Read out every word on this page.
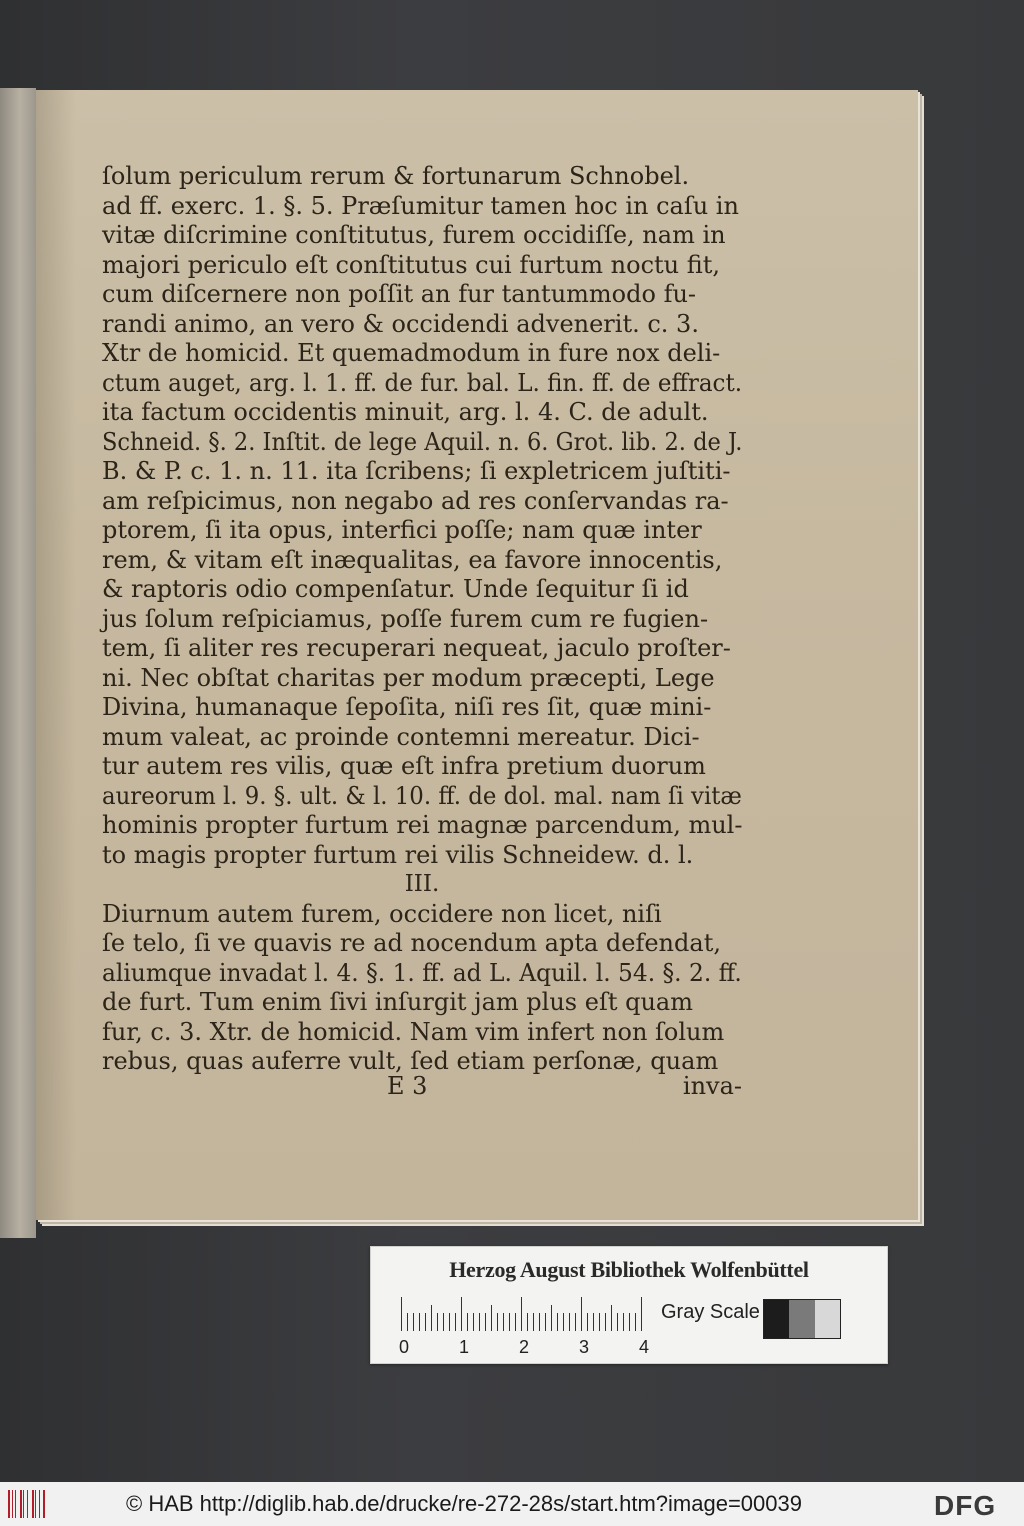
ſolum periculum rerum & fortunarum Schnobel.
ad ff. exerc. 1. §. 5. Præſumitur tamen hoc in caſu in
vitæ diſcrimine conſtitutus, furem occidiſſe, nam in
majori periculo eſt conſtitutus cui furtum noctu fit,
cum diſcernere non poſſit an fur tantummodo fu-
randi animo, an vero & occidendi advenerit. c. 3.
Xtr de homicid. Et quemadmodum in fure nox deli-
ctum auget, arg. l. 1. ff. de fur. bal. L. fin. ff. de effract.
ita factum occidentis minuit, arg. l. 4. C. de adult.
Schneid. §. 2. Inſtit. de lege Aquil. n. 6. Grot. lib. 2. de J.
B. & P. c. 1. n. 11. ita ſcribens; ſi expletricem juſtiti-
am reſpicimus, non negabo ad res conſervandas ra-
ptorem, ſi ita opus, interfici poſſe; nam quæ inter
rem, & vitam eſt inæqualitas, ea favore innocentis,
& raptoris odio compenſatur. Unde ſequitur ſi id
jus ſolum reſpiciamus, poſſe furem cum re fugien-
tem, ſi aliter res recuperari nequeat, jaculo proſter-
ni. Nec obſtat charitas per modum præcepti, Lege
Divina, humanaque ſepoſita, niſi res ſit, quæ mini-
mum valeat, ac proinde contemni mereatur. Dici-
tur autem res vilis, quæ eſt infra pretium duorum
aureorum l. 9. §. ult. & l. 10. ff. de dol. mal. nam ſi vitæ
hominis propter furtum rei magnæ parcendum, mul-
to magis propter furtum rei vilis Schneidew. d. l.
III.
Diurnum autem furem, occidere non licet, niſi
ſe telo, ſi ve quavis re ad nocendum apta defendat,
aliumque invadat l. 4. §. 1. ff. ad L. Aquil. l. 54. §. 2. ff.
de furt. Tum enim ſivi inſurgit jam plus eſt quam
fur, c. 3. Xtr. de homicid. Nam vim infert non ſolum
rebus, quas auferre vult, ſed etiam perſonæ, quam
E 3	inva-
Herzog August Bibliothek Wolfenbüttel
0	1	2	3	4
Gray Scale
© HAB http://diglib.hab.de/drucke/re-272-28s/start.htm?image=00039	DFG
